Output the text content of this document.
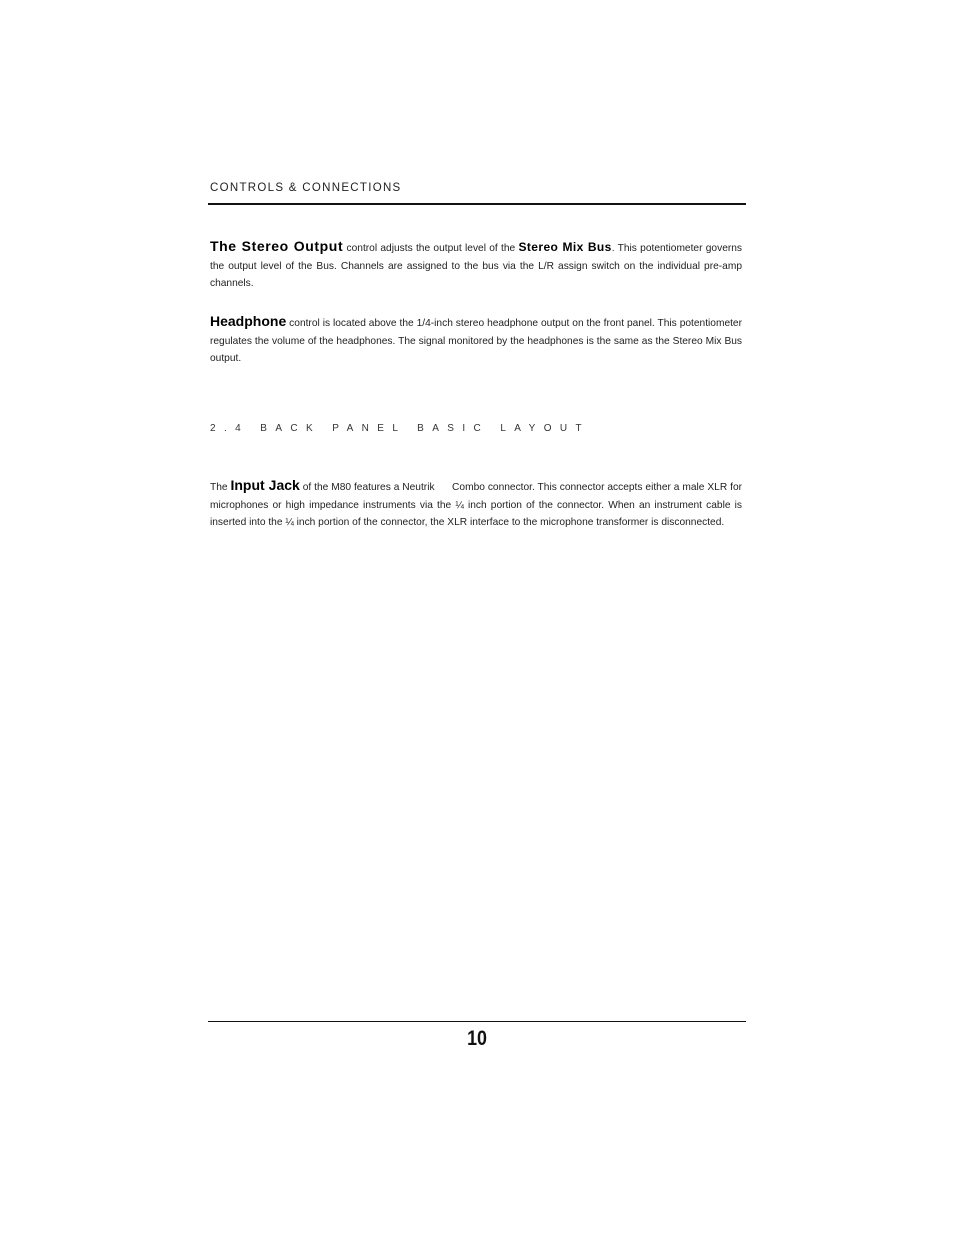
CONTROLS & CONNECTIONS

The Stereo Output control adjusts the output level of the Stereo Mix Bus. This potentiometer governs the output level of the Bus. Channels are assigned to the bus via the L/R assign switch on the individual pre-amp channels.

Headphone control is located above the 1/4-inch stereo headphone output on the front panel. This potentiometer regulates the volume of the headphones. The signal monitored by the headphones is the same as the Stereo Mix Bus output.

2.4 BACK PANEL BASIC LAYOUT

The Input Jack of the M80 features a Neutrik      Combo connector. This connector accepts either a male XLR for microphones or high impedance instruments via the ¼ inch portion of the connector. When an instrument cable is inserted into the ¼ inch portion of the connector, the XLR interface to the microphone transformer is disconnected.

10
